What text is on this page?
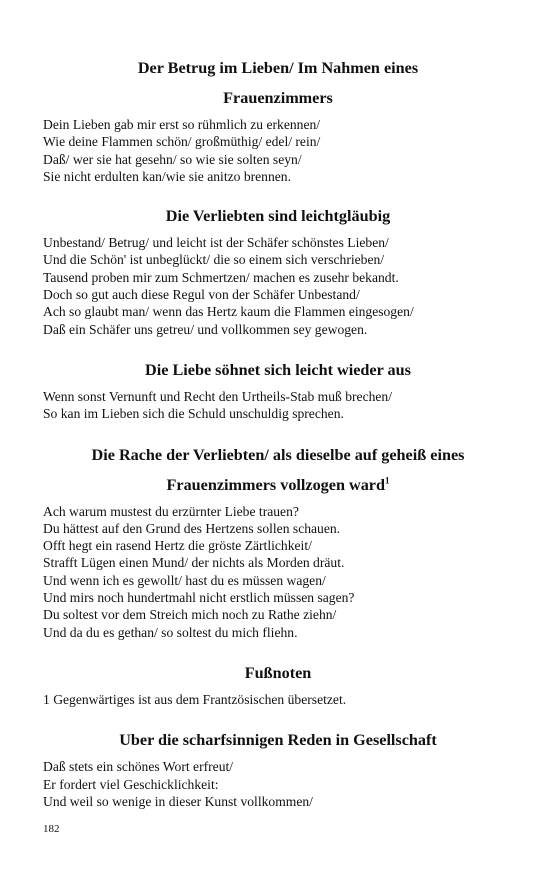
Der Betrug im Lieben/ Im Nahmen eines
Frauenzimmers
Dein Lieben gab mir erst so rühmlich zu erkennen/
Wie deine Flammen schön/ großmüthig/ edel/ rein/
Daß/ wer sie hat gesehn/ so wie sie solten seyn/
Sie nicht erdulten kan/wie sie anitzo brennen.
Die Verliebten sind leichtgläubig
Unbestand/ Betrug/ und leicht ist der Schäfer schönstes Lieben/
Und die Schön' ist unbeglückt/ die so einem sich verschrieben/
Tausend proben mir zum Schmertzen/ machen es zusehr bekandt.
Doch so gut auch diese Regul von der Schäfer Unbestand/
Ach so glaubt man/ wenn das Hertz kaum die Flammen eingesogen/
Daß ein Schäfer uns getreu/ und vollkommen sey gewogen.
Die Liebe söhnet sich leicht wieder aus
Wenn sonst Vernunft und Recht den Urtheils-Stab muß brechen/
So kan im Lieben sich die Schuld unschuldig sprechen.
Die Rache der Verliebten/ als dieselbe auf geheiß eines
Frauenzimmers vollzogen ward$^1$
Ach warum mustest du erzürnter Liebe trauen?
Du hättest auf den Grund des Hertzens sollen schauen.
Offt hegt ein rasend Hertz die gröste Zärtlichkeit/
Strafft Lügen einen Mund/ der nichts als Morden dräut.
Und wenn ich es gewollt/ hast du es müssen wagen/
Und mirs noch hundertmahl nicht erstlich müssen sagen?
Du soltest vor dem Streich mich noch zu Rathe ziehn/
Und da du es gethan/ so soltest du mich fliehn.
Fußnoten
1 Gegenwärtiges ist aus dem Frantzösischen übersetzet.
Uber die scharfsinnigen Reden in Gesellschaft
Daß stets ein schönes Wort erfreut/
Er fordert viel Geschicklichkeit:
Und weil so wenige in dieser Kunst vollkommen/
182
